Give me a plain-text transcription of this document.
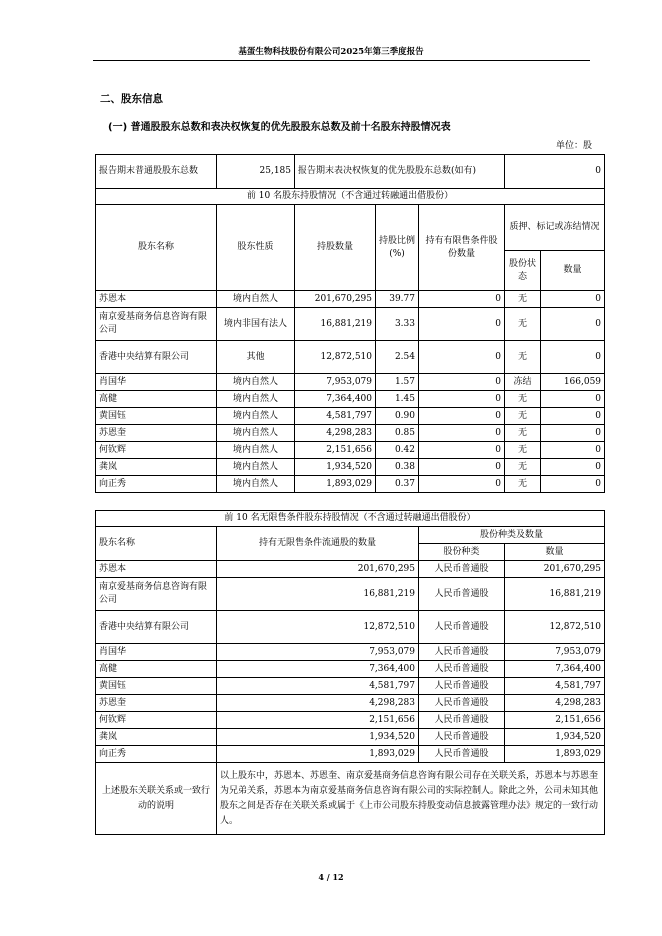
基蛋生物科技股份有限公司2025年第三季度报告
二、股东信息
(一) 普通股股东总数和表决权恢复的优先股股东总数及前十名股东持股情况表
单位：股
报告期末普通股股东总数	25,185	报告期末表决权恢复的优先股股东总数(如有)			0	
前 10 名股东持股情况（不含通过转融通出借股份）						
股东名称	股东性质	持股数量	持股比例(%)	持有有限售条件股份数量	质押、标记或冻结情况	
					股份状态	数量
苏恩本	境内自然人	201,670,295	39.77	0	无	0
南京爱基商务信息咨询有限公司	境内非国有法人	16,881,219	3.33	0	无	0
香港中央结算有限公司	其他	12,872,510	2.54	0	无	0
肖国华	境内自然人	7,953,079	1.57	0	冻结	166,059
高健	境内自然人	7,364,400	1.45	0	无	0
黄国钰	境内自然人	4,581,797	0.90	0	无	0
苏恩奎	境内自然人	4,298,283	0.85	0	无	0
何钦辉	境内自然人	2,151,656	0.42	0	无	0
龚岚	境内自然人	1,934,520	0.38	0	无	0
向正秀	境内自然人	1,893,029	0.37	0	无	0
前 10 名无限售条件股东持股情况（不含通过转融通出借股份）			
股东名称	持有无限售条件流通股的数量	股份种类及数量	
		股份种类	数量
苏恩本	201,670,295	人民币普通股	201,670,295
南京爱基商务信息咨询有限公司	16,881,219	人民币普通股	16,881,219
香港中央结算有限公司	12,872,510	人民币普通股	12,872,510
肖国华	7,953,079	人民币普通股	7,953,079
高健	7,364,400	人民币普通股	7,364,400
黄国钰	4,581,797	人民币普通股	4,581,797
苏恩奎	4,298,283	人民币普通股	4,298,283
何钦辉	2,151,656	人民币普通股	2,151,656
龚岚	1,934,520	人民币普通股	1,934,520
向正秀	1,893,029	人民币普通股	1,893,029
上述股东关联关系或一致行动的说明	以上股东中，苏恩本、苏恩奎、南京爱基商务信息咨询有限公司存在关联关系，苏恩本与苏恩奎为兄弟关系，苏恩本为南京爱基商务信息咨询有限公司的实际控制人。除此之外，公司未知其他股东之间是否存在关联关系或属于《上市公司股东持股变动信息披露管理办法》规定的一致行动人。		
4 / 12
